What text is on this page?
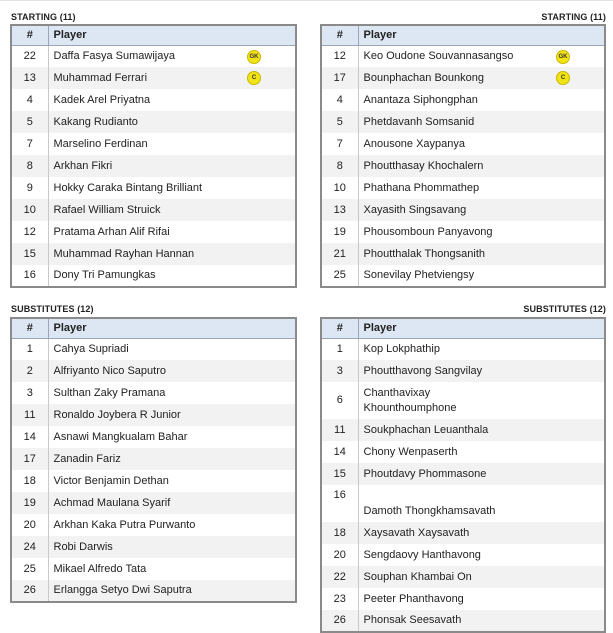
STARTING (11)	STARTING (11)
#	Player
22	Daffa Fasya Sumawijaya GK

13	Muhammad Ferrari C

4	Kadek Arel Priyatna
5	Kakang Rudianto
7	Marselino Ferdinan
8	Arkhan Fikri
9	Hokky Caraka Bintang Brilliant
10	Rafael William Struick
12	Pratama Arhan Alif Rifai
15	Muhammad Rayhan Hannan
16	Dony Tri Pamungkas
#	Player
12	Keo Oudone Souvannasangso GK

17	Bounphachan Bounkong C

4	Anantaza Siphongphan
5	Phetdavanh Somsanid
7	Anousone Xaypanya
8	Phoutthasay Khochalern
10	Phathana Phommathep
13	Xayasith Singsavang
19	Phousomboun Panyavong
21	Phoutthalak Thongsanith
25	Sonevilay Phetviengsy
SUBSTITUTES (12)	SUBSTITUTES (12)
#	Player
1	Cahya Supriadi
2	Alfriyanto Nico Saputro
3	Sulthan Zaky Pramana
11	Ronaldo Joybera R Junior
14	Asnawi Mangkualam Bahar
17	Zanadin Fariz
18	Victor Benjamin Dethan
19	Achmad Maulana Syarif
20	Arkhan Kaka Putra Purwanto
24	Robi Darwis
25	Mikael Alfredo Tata
26	Erlangga Setyo Dwi Saputra
#	Player
1	Kop Lokphathip
3	Phoutthavong Sangvilay
6	Chanthavixay Khounthoumphone
11	Soukphachan Leuanthala
14	Chony Wenpaserth
15	Phoutdavy Phommasone
16	Damoth Thongkhamsavath
18	Xaysavath Xaysavath
20	Sengdaovy Hanthavong
22	Souphan Khambai On
23	Peeter Phanthavong
26	Phonsak Seesavath
